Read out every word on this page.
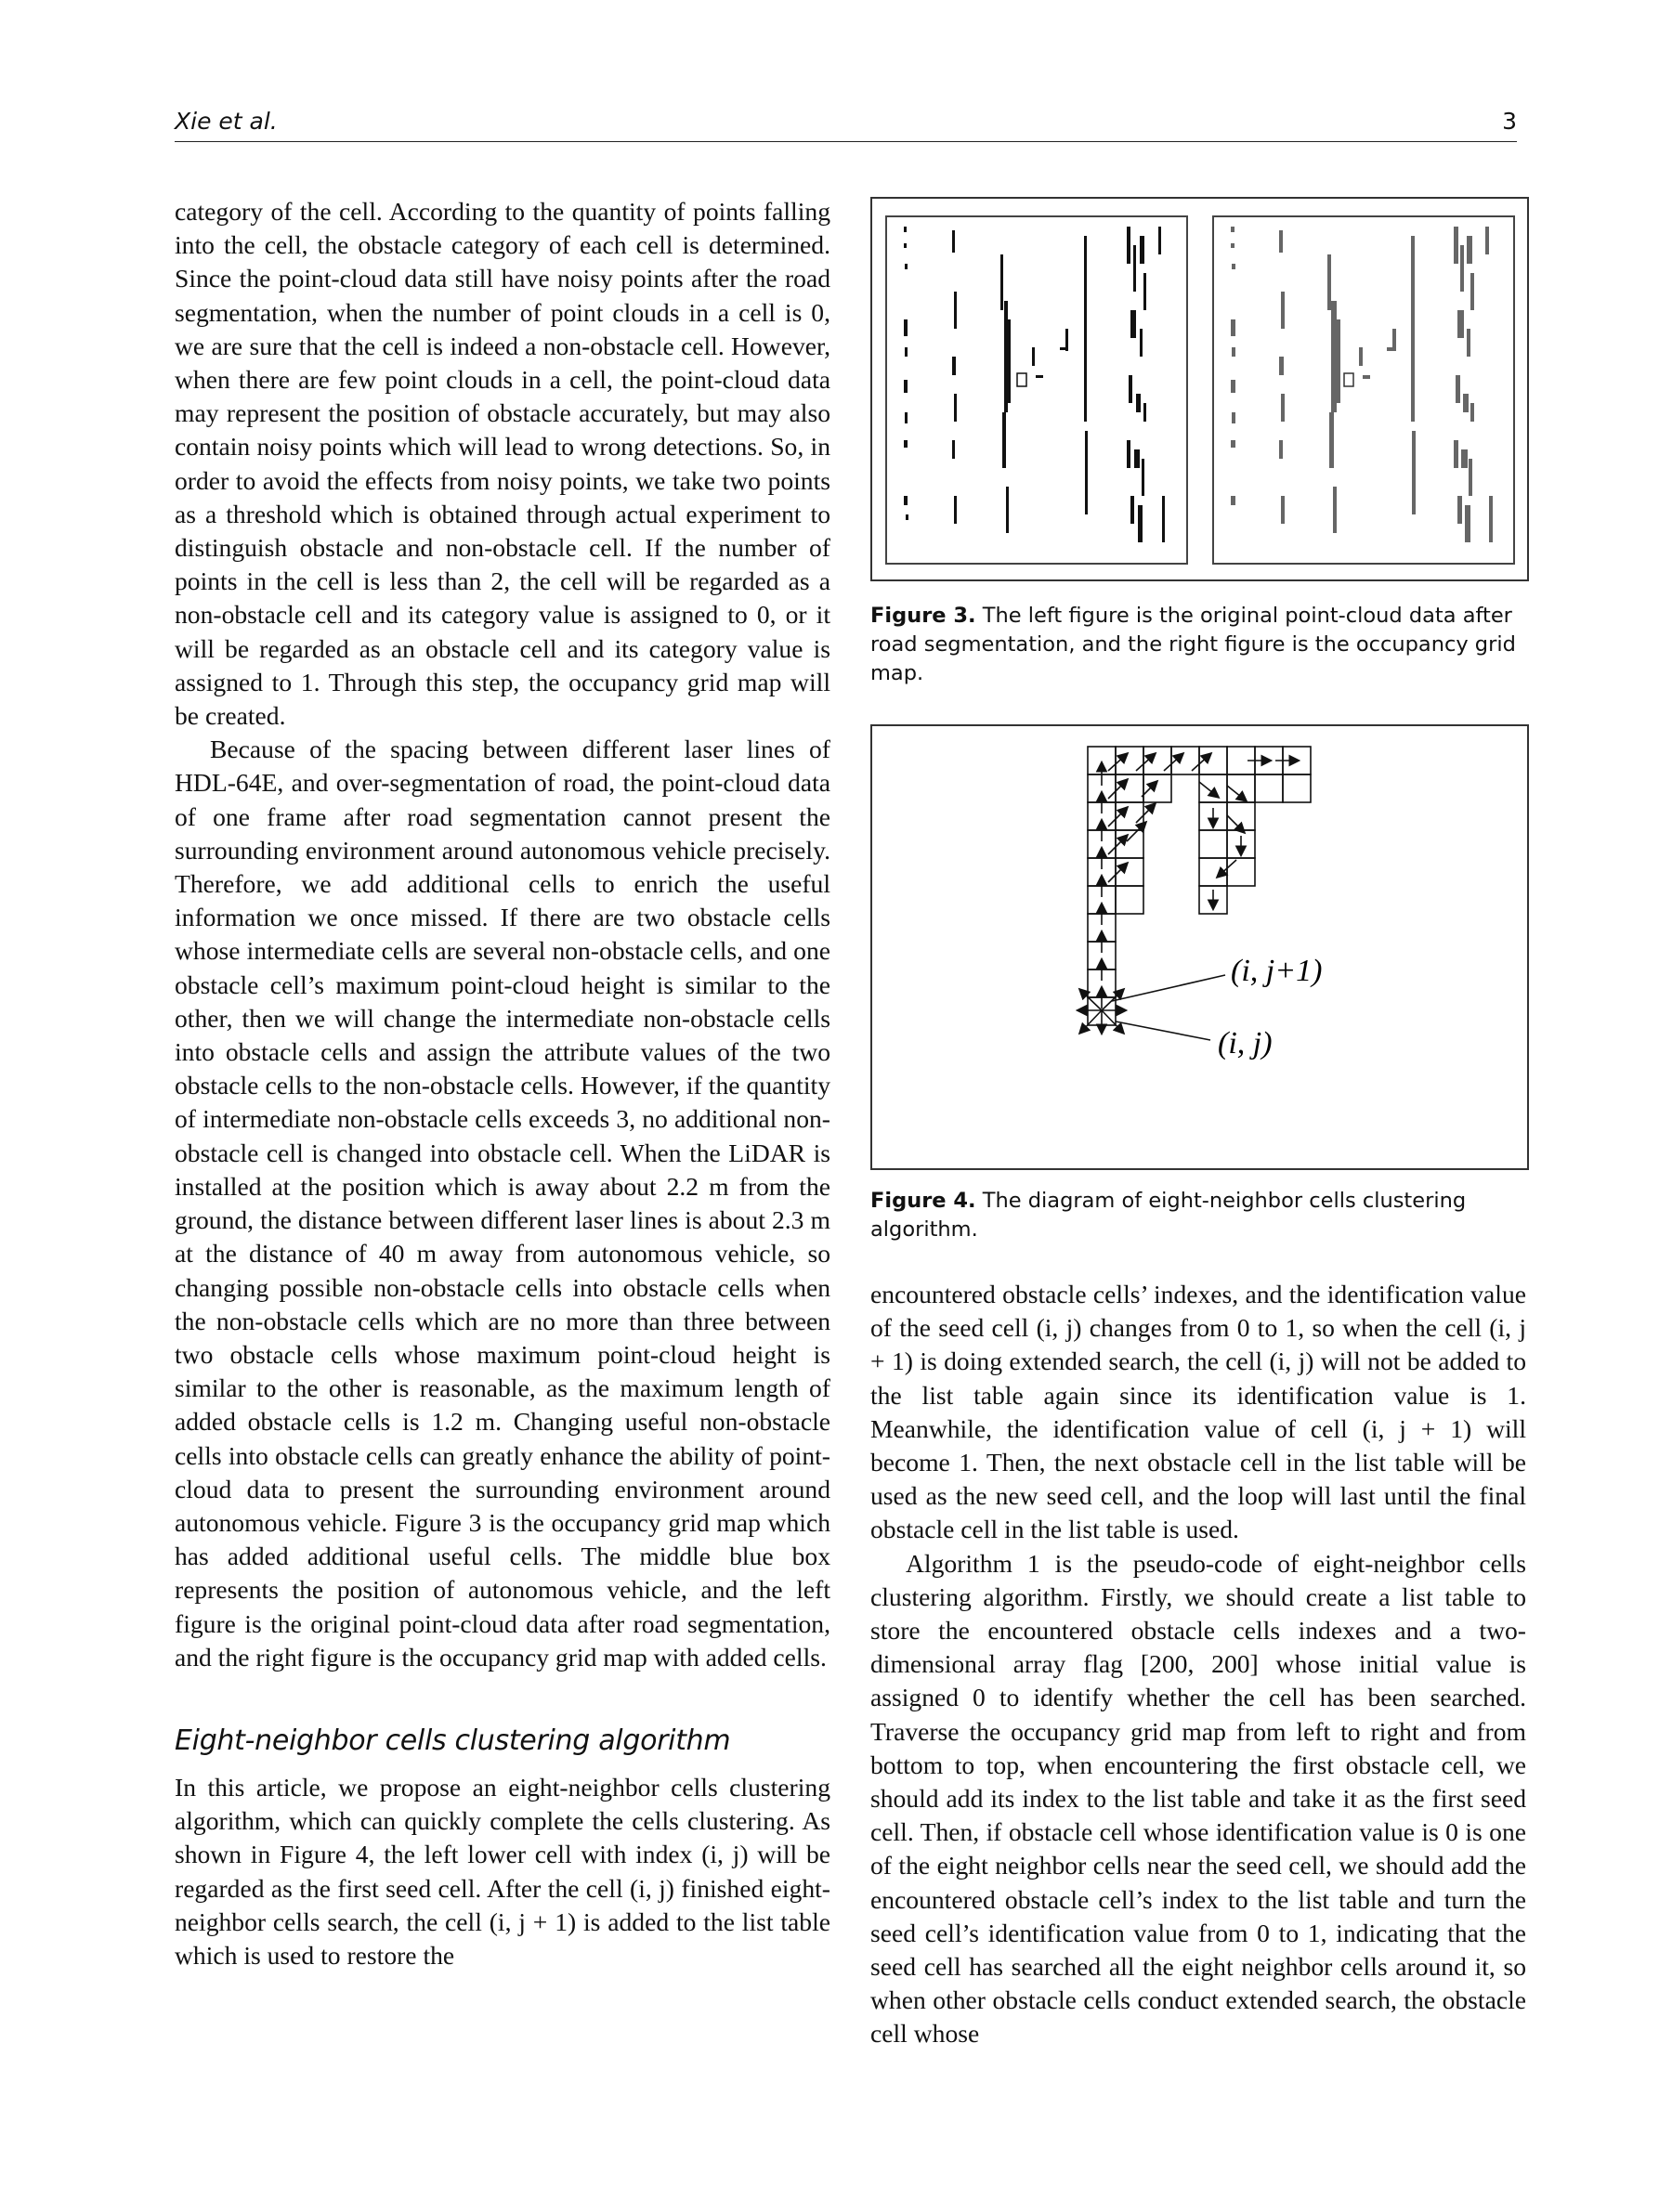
Xie et al.	3

category of the cell. According to the quantity of points falling into the cell, the obstacle category of each cell is determined. Since the point-cloud data still have noisy points after the road segmentation, when the number of point clouds in a cell is 0, we are sure that the cell is indeed a non-obstacle cell. However, when there are few point clouds in a cell, the point-cloud data may represent the position of obstacle accurately, but may also contain noisy points which will lead to wrong detections. So, in order to avoid the effects from noisy points, we take two points as a threshold which is obtained through actual experiment to distinguish obstacle and non-obstacle cell. If the number of points in the cell is less than 2, the cell will be regarded as a non-obstacle cell and its category value is assigned to 0, or it will be regarded as an obstacle cell and its category value is assigned to 1. Through this step, the occupancy grid map will be created.

Because of the spacing between different laser lines of HDL-64E, and over-segmentation of road, the point-cloud data of one frame after road segmentation cannot present the surrounding environment around autonomous vehicle precisely. Therefore, we add additional cells to enrich the useful information we once missed. If there are two obstacle cells whose intermediate cells are several non-obstacle cells, and one obstacle cell’s maximum point-cloud height is similar to the other, then we will change the intermediate non-obstacle cells into obstacle cells and assign the attribute values of the two obstacle cells to the non-obstacle cells. However, if the quantity of intermediate non-obstacle cells exceeds 3, no additional non-obstacle cell is changed into obstacle cell. When the LiDAR is installed at the position which is away about 2.2 m from the ground, the distance between different laser lines is about 2.3 m at the distance of 40 m away from autonomous vehicle, so changing possible non-obstacle cells into obstacle cells when the non-obstacle cells which are no more than three between two obstacle cells whose maximum point-cloud height is similar to the other is reasonable, as the maximum length of added obstacle cells is 1.2 m. Changing useful non-obstacle cells into obstacle cells can greatly enhance the ability of point-cloud data to present the surrounding environment around autonomous vehicle. Figure 3 is the occupancy grid map which has added additional useful cells. The middle blue box represents the position of autonomous vehicle, and the left figure is the original point-cloud data after road segmentation, and the right figure is the occupancy grid map with added cells.

Eight-neighbor cells clustering algorithm

In this article, we propose an eight-neighbor cells clustering algorithm, which can quickly complete the cells clustering. As shown in Figure 4, the left lower cell with index (i, j) will be regarded as the first seed cell. After the cell (i, j) finished eight-neighbor cells search, the cell (i, j + 1) is added to the list table which is used to restore the

Figure 3. The left figure is the original point-cloud data after road segmentation, and the right figure is the occupancy grid map.
(i, j+1)
(i, j)
Figure 4. The diagram of eight-neighbor cells clustering algorithm.

encountered obstacle cells’ indexes, and the identification value of the seed cell (i, j) changes from 0 to 1, so when the cell (i, j + 1) is doing extended search, the cell (i, j) will not be added to the list table again since its identification value is 1. Meanwhile, the identification value of cell (i, j + 1) will become 1. Then, the next obstacle cell in the list table will be used as the new seed cell, and the loop will last until the final obstacle cell in the list table is used.

Algorithm 1 is the pseudo-code of eight-neighbor cells clustering algorithm. Firstly, we should create a list table to store the encountered obstacle cells indexes and a two-dimensional array flag [200, 200] whose initial value is assigned 0 to identify whether the cell has been searched. Traverse the occupancy grid map from left to right and from bottom to top, when encountering the first obstacle cell, we should add its index to the list table and take it as the first seed cell. Then, if obstacle cell whose identification value is 0 is one of the eight neighbor cells near the seed cell, we should add the encountered obstacle cell’s index to the list table and turn the seed cell’s identification value from 0 to 1, indicating that the seed cell has searched all the eight neighbor cells around it, so when other obstacle cells conduct extended search, the obstacle cell whose
